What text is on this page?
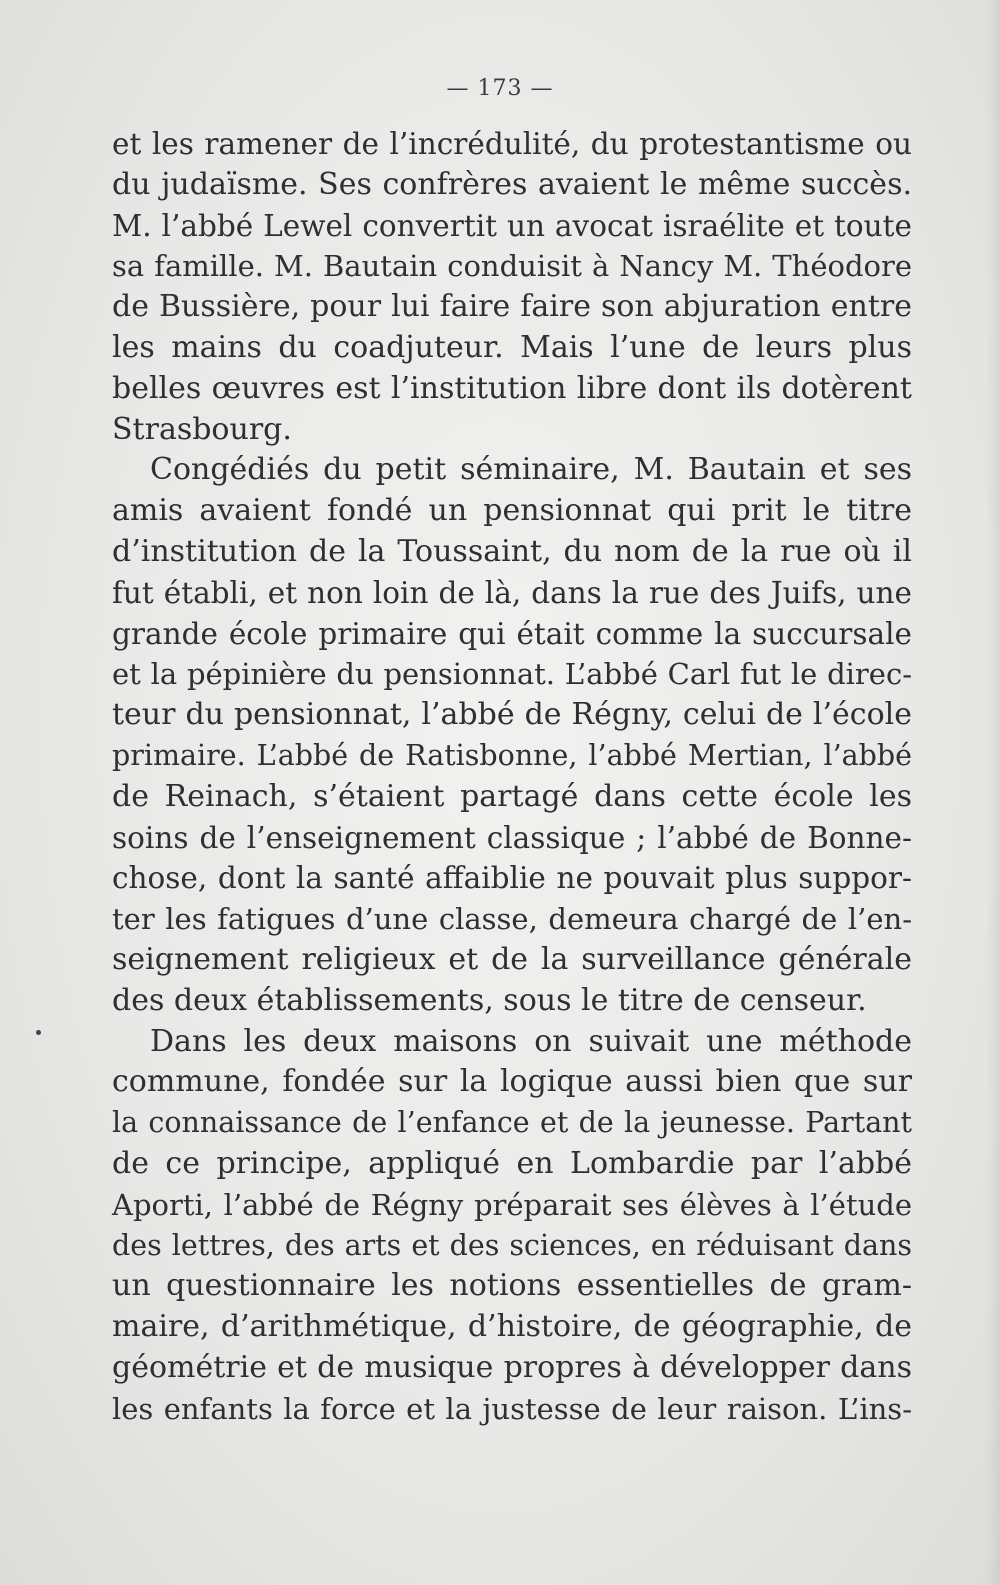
— 173 —
et les ramener de l’incrédulité, du protestantisme ou
du judaïsme. Ses confrères avaient le même succès.
M. l’abbé Lewel convertit un avocat israélite et toute
sa famille. M. Bautain conduisit à Nancy M. Théodore
de Bussière, pour lui faire faire son abjuration entre
les mains du coadjuteur. Mais l’une de leurs plus
belles œuvres est l’institution libre dont ils dotèrent
Strasbourg.
Congédiés du petit séminaire, M. Bautain et ses
amis avaient fondé un pensionnat qui prit le titre
d’institution de la Toussaint, du nom de la rue où il
fut établi, et non loin de là, dans la rue des Juifs, une
grande école primaire qui était comme la succursale
et la pépinière du pensionnat. L’abbé Carl fut le direc-
teur du pensionnat, l’abbé de Régny, celui de l’école
primaire. L’abbé de Ratisbonne, l’abbé Mertian, l’abbé
de Reinach, s’étaient partagé dans cette école les
soins de l’enseignement classique ; l’abbé de Bonne-
chose, dont la santé affaiblie ne pouvait plus suppor-
ter les fatigues d’une classe, demeura chargé de l’en-
seignement religieux et de la surveillance générale
des deux établissements, sous le titre de censeur.
Dans les deux maisons on suivait une méthode
commune, fondée sur la logique aussi bien que sur
la connaissance de l’enfance et de la jeunesse. Partant
de ce principe, appliqué en Lombardie par l’abbé
Aporti, l’abbé de Régny préparait ses élèves à l’étude
des lettres, des arts et des sciences, en réduisant dans
un questionnaire les notions essentielles de gram-
maire, d’arithmétique, d’histoire, de géographie, de
géométrie et de musique propres à développer dans
les enfants la force et la justesse de leur raison. L’ins-
